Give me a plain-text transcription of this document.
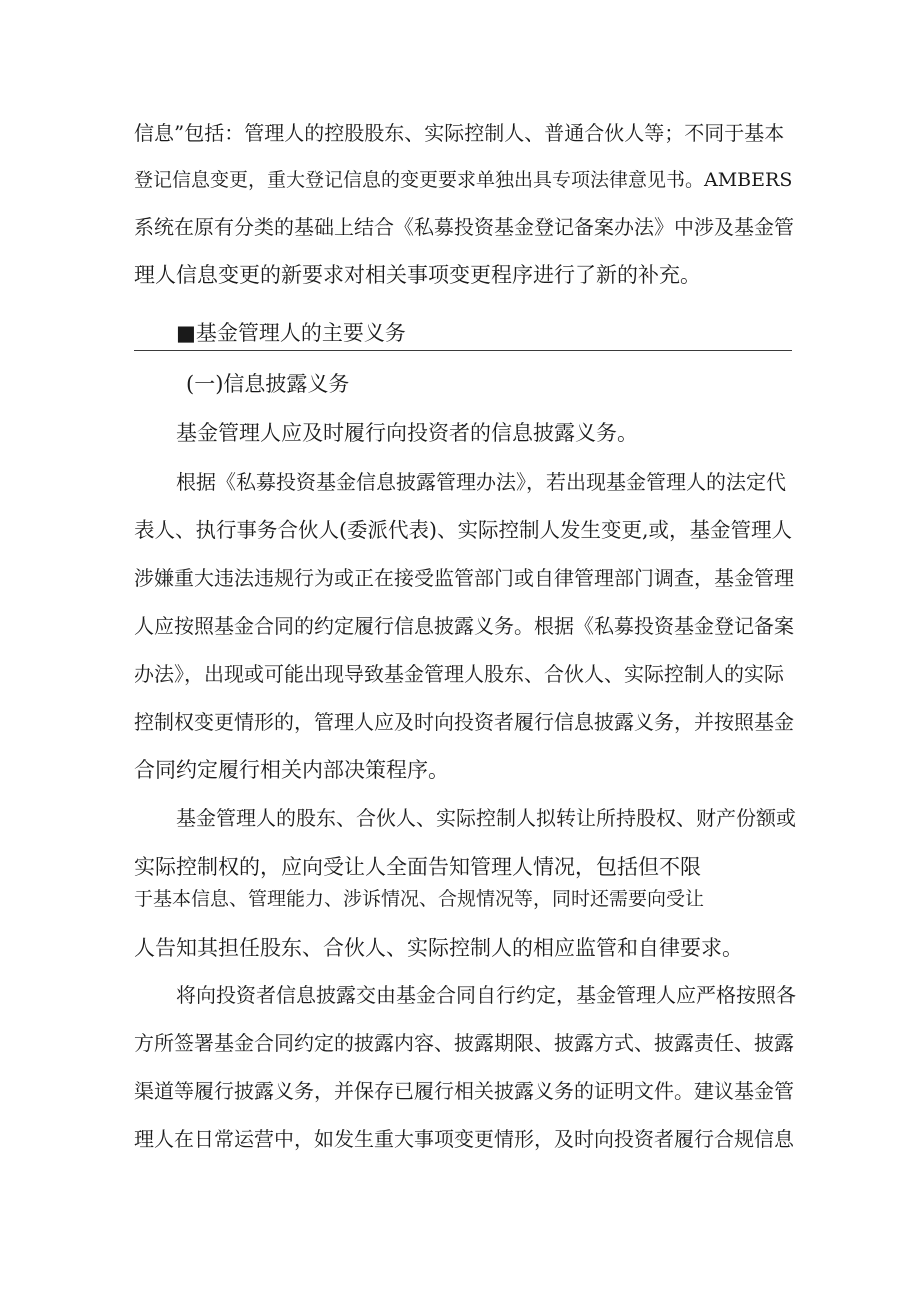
信息”包括：管理人的控股股东、实际控制人、普通合伙人等；不同于基本

登记信息变更，重大登记信息的变更要求单独出具专项法律意见书。AMBERS

系统在原有分类的基础上结合《私募投资基金登记备案办法》中涉及基金管

理人信息变更的新要求对相关事项变更程序进行了新的补充。

■基金管理人的主要义务

(一)信息披露义务

基金管理人应及时履行向投资者的信息披露义务。

根据《私募投资基金信息披露管理办法》，若出现基金管理人的法定代

表人、执行事务合伙人(委派代表)、实际控制人发生变更,或，基金管理人

涉嫌重大违法违规行为或正在接受监管部门或自律管理部门调查，基金管理

人应按照基金合同的约定履行信息披露义务。根据《私募投资基金登记备案

办法》，出现或可能出现导致基金管理人股东、合伙人、实际控制人的实际

控制权变更情形的，管理人应及时向投资者履行信息披露义务，并按照基金

合同约定履行相关内部决策程序。

基金管理人的股东、合伙人、实际控制人拟转让所持股权、财产份额或

实际控制权的，应向受让人全面告知管理人情况，包括但不限

于基本信息、管理能力、涉诉情况、合规情况等，同时还需要向受让

人告知其担任股东、合伙人、实际控制人的相应监管和自律要求。

将向投资者信息披露交由基金合同自行约定，基金管理人应严格按照各

方所签署基金合同约定的披露内容、披露期限、披露方式、披露责任、披露

渠道等履行披露义务，并保存已履行相关披露义务的证明文件。建议基金管

理人在日常运营中，如发生重大事项变更情形，及时向投资者履行合规信息
